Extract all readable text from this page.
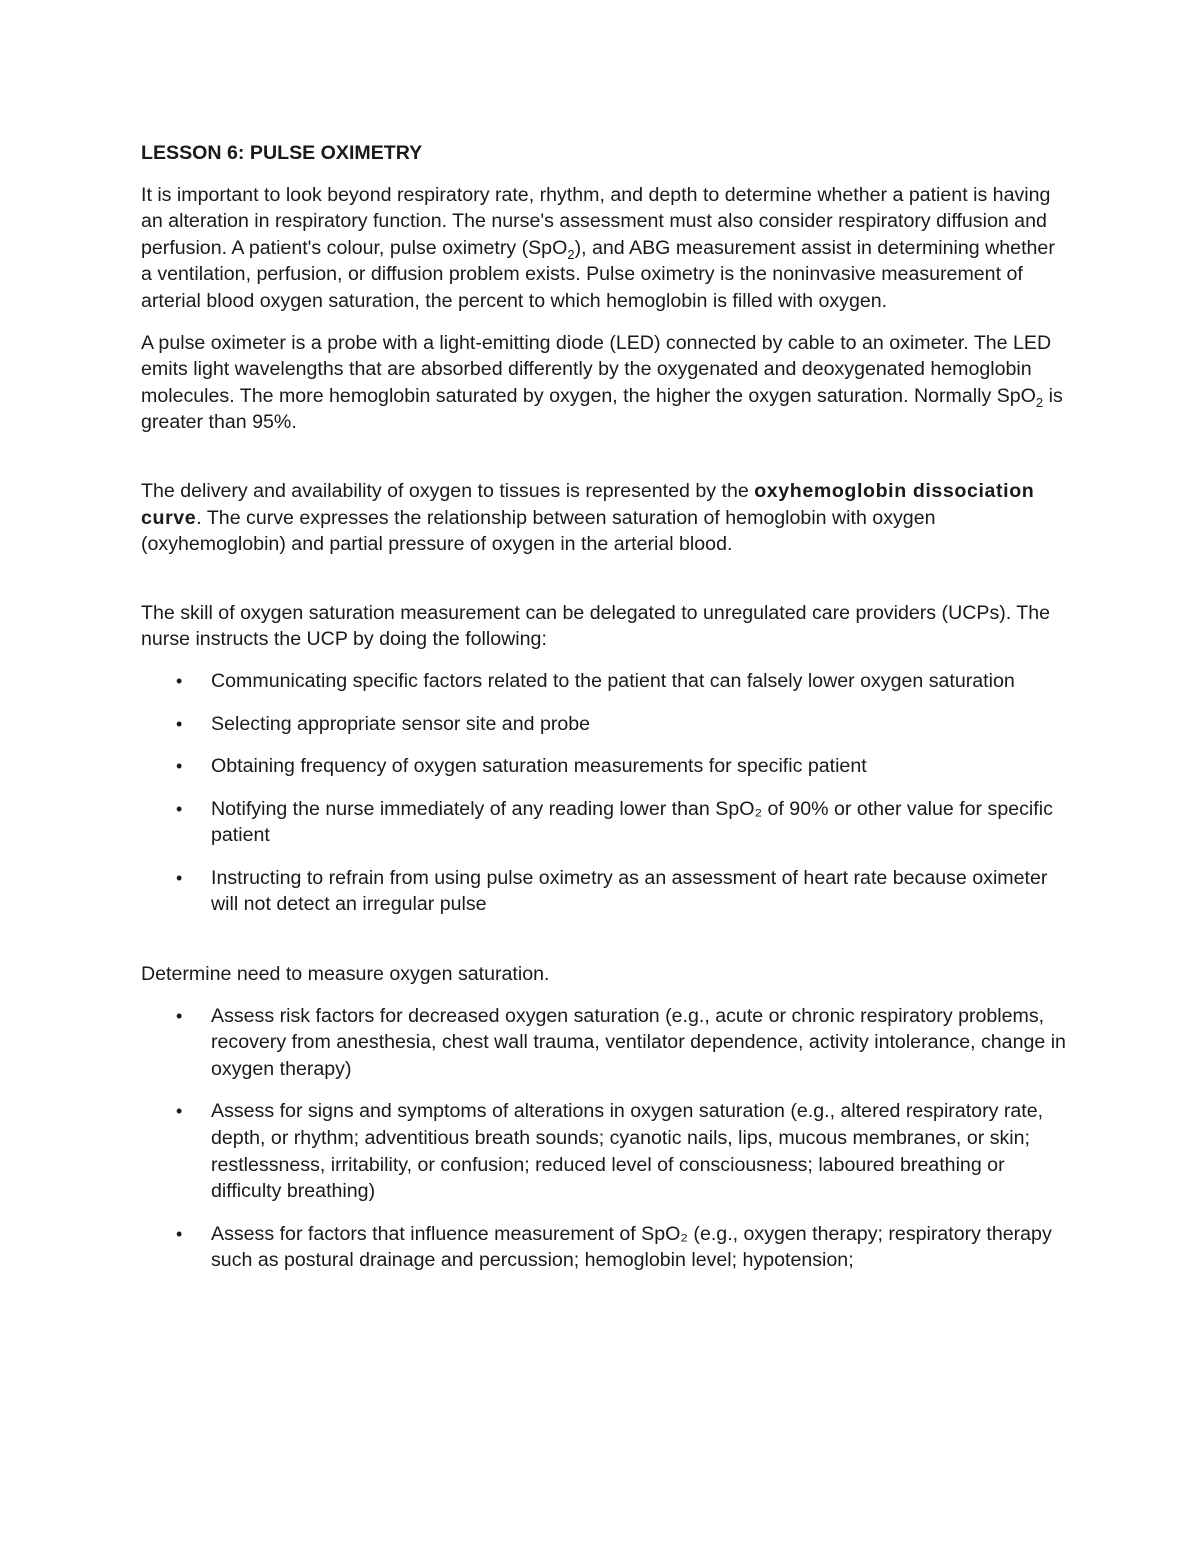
LESSON 6: PULSE OXIMETRY

It is important to look beyond respiratory rate, rhythm, and depth to determine whether a patient is having an alteration in respiratory function. The nurse's assessment must also consider respiratory diffusion and perfusion. A patient's colour, pulse oximetry (SpO$_2$), and ABG measurement assist in determining whether a ventilation, perfusion, or diffusion problem exists. Pulse oximetry is the noninvasive measurement of arterial blood oxygen saturation, the percent to which hemoglobin is filled with oxygen.

A pulse oximeter is a probe with a light-emitting diode (LED) connected by cable to an oximeter. The LED emits light wavelengths that are absorbed differently by the oxygenated and deoxygenated hemoglobin molecules. The more hemoglobin saturated by oxygen, the higher the oxygen saturation. Normally SpO$_2$ is greater than 95%.

The delivery and availability of oxygen to tissues is represented by the oxyhemoglobin dissociation curve. The curve expresses the relationship between saturation of hemoglobin with oxygen (oxyhemoglobin) and partial pressure of oxygen in the arterial blood.

The skill of oxygen saturation measurement can be delegated to unregulated care providers (UCPs). The nurse instructs the UCP by doing the following:

• Communicating specific factors related to the patient that can falsely lower oxygen saturation
• Selecting appropriate sensor site and probe
• Obtaining frequency of oxygen saturation measurements for specific patient
• Notifying the nurse immediately of any reading lower than SpO₂ of 90% or other value for specific patient
• Instructing to refrain from using pulse oximetry as an assessment of heart rate because oximeter will not detect an irregular pulse

Determine need to measure oxygen saturation.

• Assess risk factors for decreased oxygen saturation (e.g., acute or chronic respiratory problems, recovery from anesthesia, chest wall trauma, ventilator dependence, activity intolerance, change in oxygen therapy)
• Assess for signs and symptoms of alterations in oxygen saturation (e.g., altered respiratory rate, depth, or rhythm; adventitious breath sounds; cyanotic nails, lips, mucous membranes, or skin; restlessness, irritability, or confusion; reduced level of consciousness; laboured breathing or difficulty breathing)
• Assess for factors that influence measurement of SpO₂ (e.g., oxygen therapy; respiratory therapy such as postural drainage and percussion; hemoglobin level; hypotension;
